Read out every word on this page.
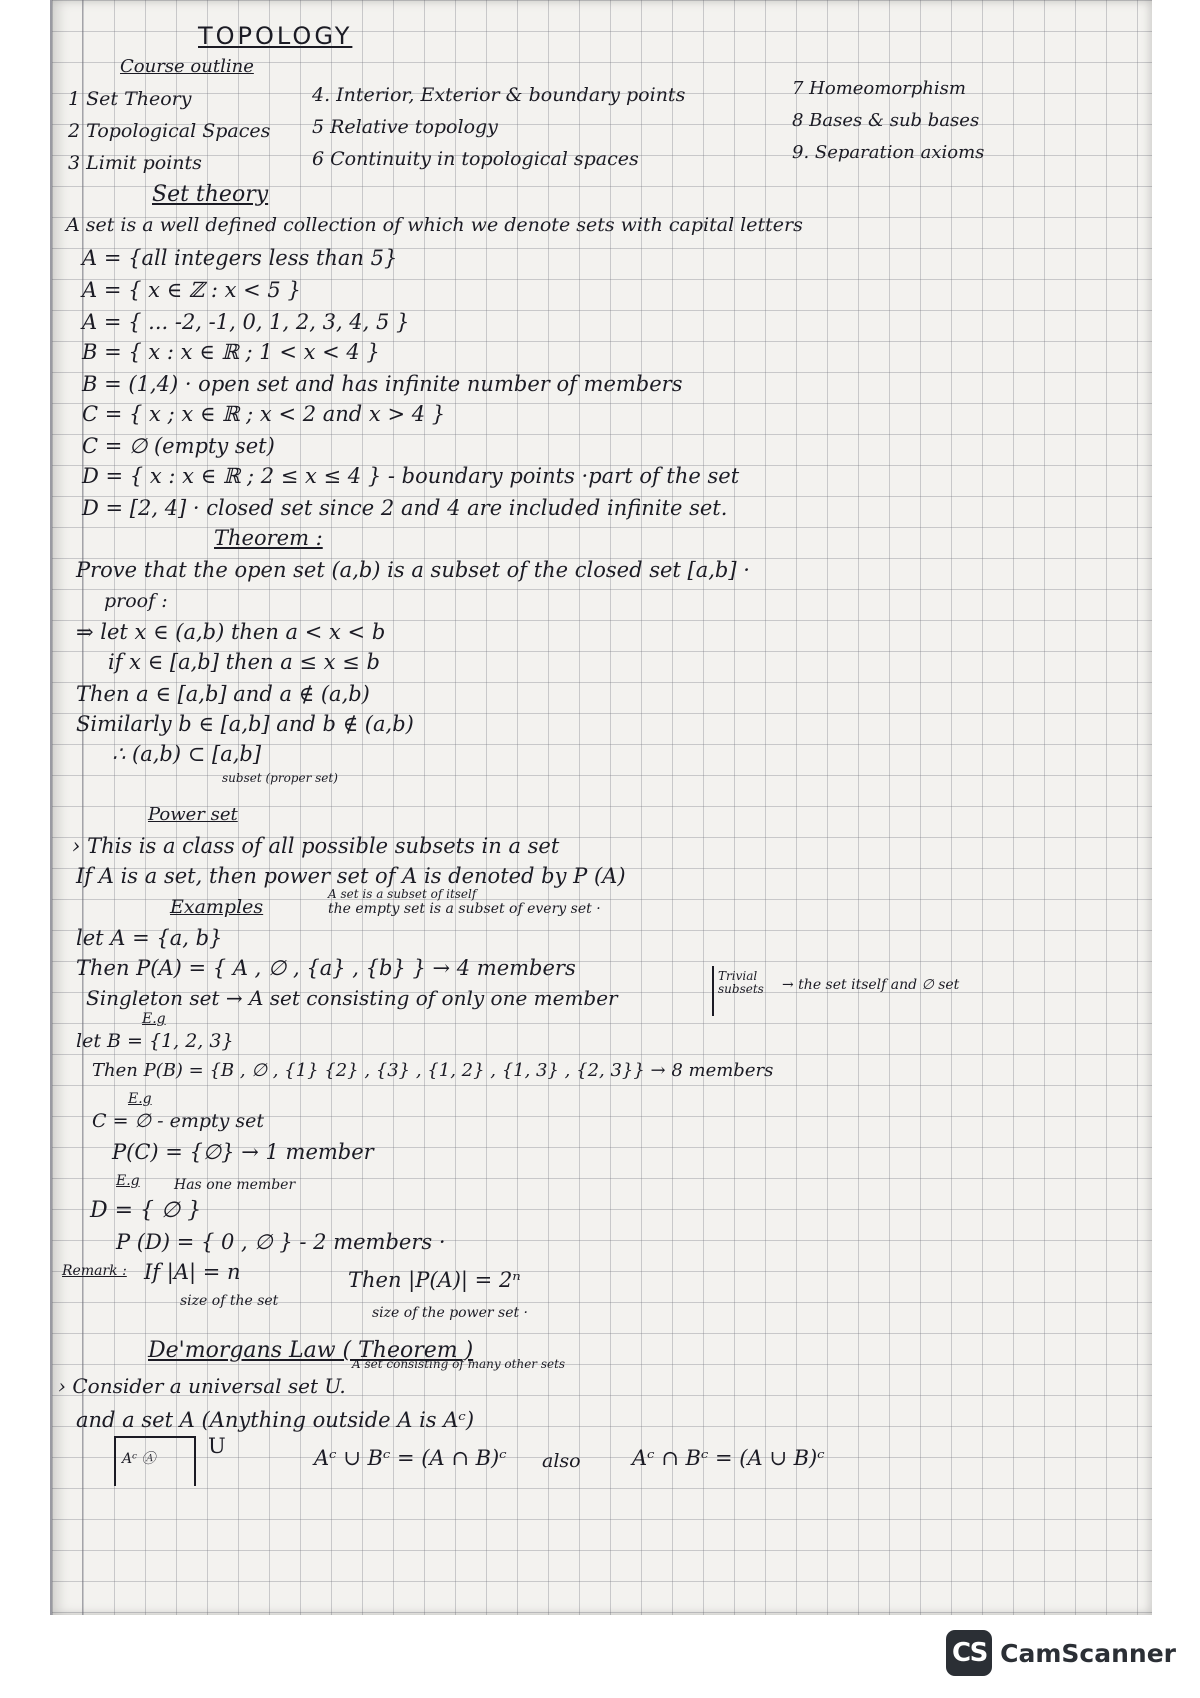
TOPOLOGY
Course outline
1 Set Theory
2 Topological Spaces
3 Limit points
4. Interior, Exterior & boundary points
5 Relative topology
6 Continuity in topological spaces
7 Homeomorphism
8 Bases & sub bases
9. Separation axioms
Set theory
A set is a well defined collection of which we denote sets with capital letters
A = {all integers less than 5}
A = { x ∈ ℤ : x < 5 }
A = { ... -2, -1, 0, 1, 2, 3, 4, 5 }
B = { x : x ∈ ℝ ; 1 < x < 4 }
B = (1,4) · open set and has infinite number of members
C = { x ; x ∈ ℝ ; x < 2 and x > 4 }
C = ∅ (empty set)
D = { x : x ∈ ℝ ; 2 ≤ x ≤ 4 } - boundary points ·part of the set
D = [2, 4] · closed set since 2 and 4 are included infinite set.
Theorem :
Prove that the open set (a,b) is a subset of the closed set [a,b] ·
proof :
⇒ let x ∈ (a,b) then a < x < b
if x ∈ [a,b] then a ≤ x ≤ b
Then a ∈ [a,b] and a ∉ (a,b)
Similarly b ∈ [a,b] and b ∉ (a,b)
∴ (a,b) ⊂ [a,b]
subset (proper set)
Power set
› This is a class of all possible subsets in a set
If A is a set, then power set of A is denoted by P (A)
A set is a subset of itself
the empty set is a subset of every set ·
Examples
let A = {a, b}
Then P(A) = { A , ∅ , {a} , {b} } → 4 members
Singleton set → A set consisting of only one member
Trivial subsets	→ the set itself and ∅ set
E.g
let B = {1, 2, 3}
Then P(B) = {B , ∅ , {1} {2} , {3} , {1, 2} , {1, 3} , {2, 3}} → 8 members
E.g
C = ∅ - empty set
P(C) = {∅} → 1 member
E.g Has one member
D = { ∅ }
P (D) = { 0 , ∅ } - 2 members ·
Remark : If |A| = n
size of the set
Then |P(A)| = 2ⁿ
size of the power set ·
De'morgans Law ( Theorem )
A set consisting of many other sets
› Consider a universal set U.
and a set A (Anything outside A is Aᶜ)
Aᶜ Ⓐ
U	Aᶜ ∪ Bᶜ = (A ∩ B)ᶜ also Aᶜ ∩ Bᶜ = (A ∪ B)ᶜ
CS CamScanner
